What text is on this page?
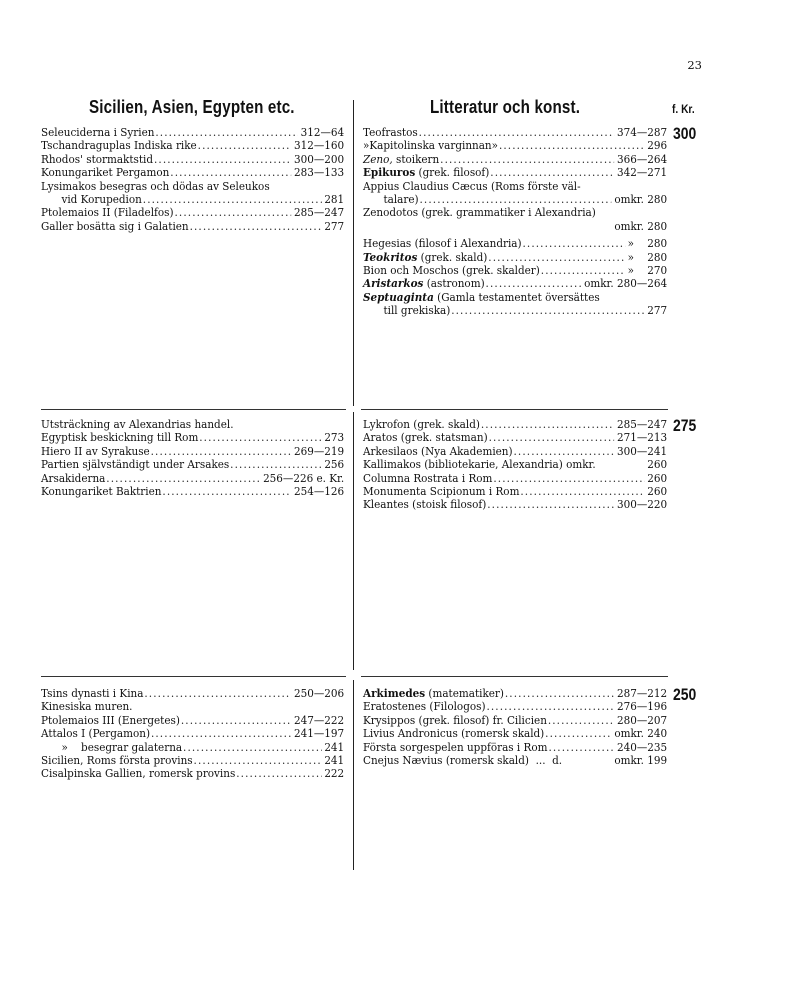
23
Sicilien, Asien, Egypten etc.	Litteratur och konst.	f. Kr.
300
Seleuciderna i Syrien .....	312—64
Tschandraguplas Indiska rike .....	312—160
Rhodos' stormaktstid .....	300—200
Konungariket Pergamon .....	283—133
Lysimakos besegras och dödas av Seleukos
vid Korupedion .....	281
Ptolemaios II (Filadelfos) .....	285—247
Galler bosätta sig i Galatien .....	277
Teofrastos .....	374—287
»Kapitolinska varginnan» .....	296
Zeno, stoikern .....	366—264
Epikuros (grek. filosof) .....	342—271
Appius Claudius Cæcus (Roms förste väl-
talare) .....	omkr. 280
Zenodotos (grek. grammatiker i Alexandria)
omkr. 280
Hegesias (filosof i Alexandria) .....	»    280
Teokritos (grek. skald) .....	»    280
Bion och Moschos (grek. skalder) .....	»    270
Aristarkos (astronom) .....	omkr. 280—264
Septuaginta (Gamla testamentet översättes
till grekiska) .....	277
275
Utsträckning av Alexandrias handel.
Egyptisk beskickning till Rom .....	273
Hiero II av Syrakuse .....	269—219
Partien självständigt under Arsakes .....	256
Arsakiderna .....	256—226 e. Kr.
Konungariket Baktrien .....	254—126
Lykrofon (grek. skald) .....	285—247
Aratos (grek. statsman) .....	271—213
Arkesilaos (Nya Akademien) .....	300—241
Kallimakos (bibliotekarie, Alexandria) omkr.	260
Columna Rostrata i Rom .....	260
Monumenta Scipionum i Rom .....	260
Kleantes (stoisk filosof) .....	300—220
250
Tsins dynasti i Kina .....	250—206
Kinesiska muren.
Ptolemaios III (Energetes) .....	247—222
Attalos I (Pergamon) .....	241—197
»    besegrar galaterna .....	241
Sicilien, Roms första provins .....	241
Cisalpinska Gallien, romersk provins .....	222
Arkimedes (matematiker) .....	287—212
Eratostenes (Filologos) .....	276—196
Krysippos (grek. filosof) fr. Cilicien .....	280—207
Livius Andronicus (romersk skald) .....	omkr. 240
Första sorgespelen uppföras i Rom .....	240—235
Cnejus Nævius (romersk skald)  ...  d.	omkr. 199
